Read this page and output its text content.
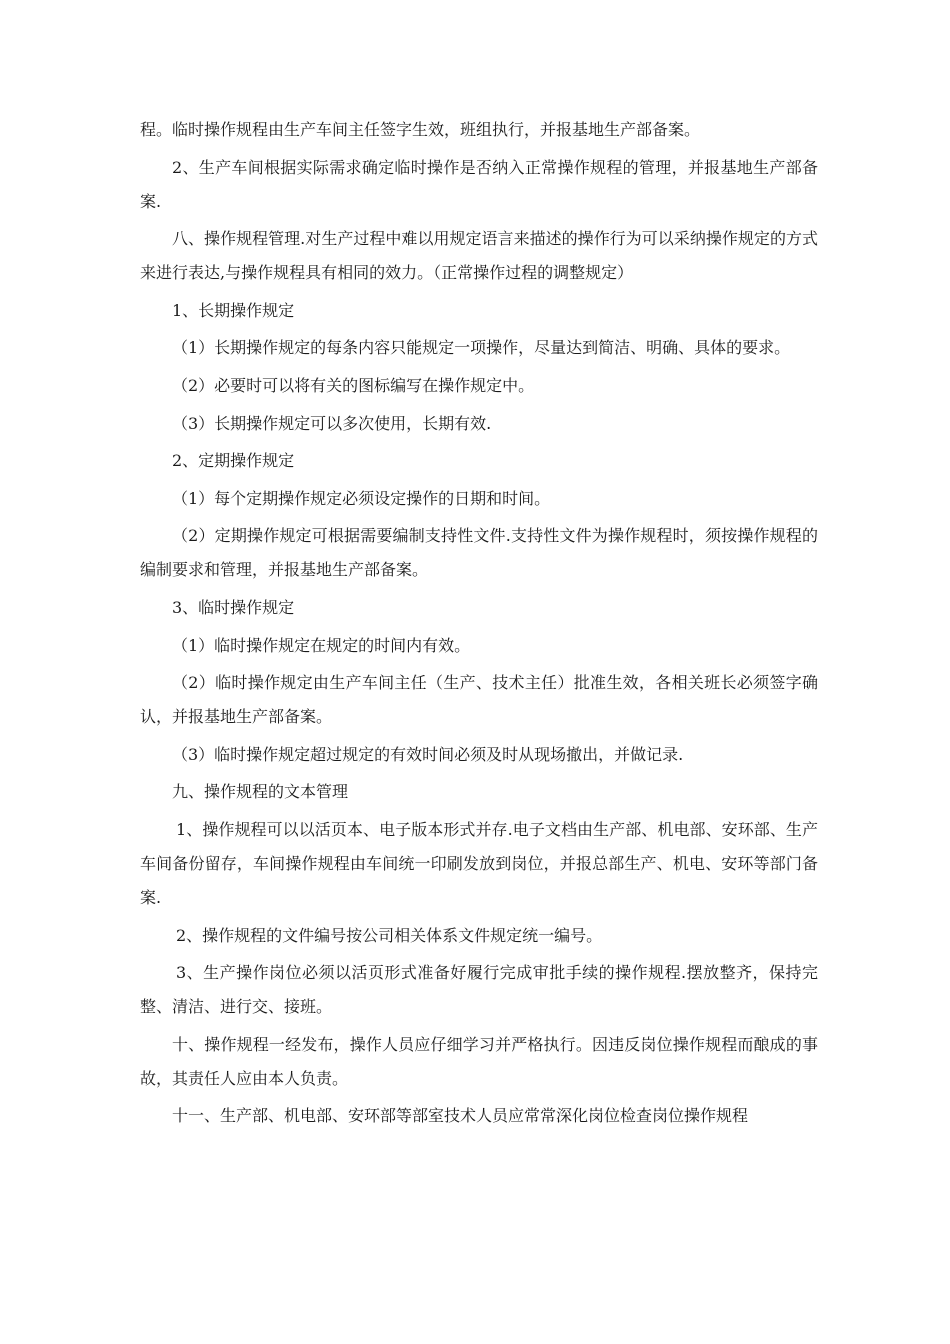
程。临时操作规程由生产车间主任签字生效，班组执行，并报基地生产部备案。

2、生产车间根据实际需求确定临时操作是否纳入正常操作规程的管理，并报基地生产部备案.

八、操作规程管理.对生产过程中难以用规定语言来描述的操作行为可以采纳操作规定的方式来进行表达,与操作规程具有相同的效力。（正常操作过程的调整规定）

1、长期操作规定

（1）长期操作规定的每条内容只能规定一项操作，尽量达到简洁、明确、具体的要求。

（2）必要时可以将有关的图标编写在操作规定中。

（3）长期操作规定可以多次使用，长期有效.

2、定期操作规定

（1）每个定期操作规定必须设定操作的日期和时间。

（2）定期操作规定可根据需要编制支持性文件.支持性文件为操作规程时，须按操作规程的编制要求和管理，并报基地生产部备案。

3、临时操作规定

（1）临时操作规定在规定的时间内有效。

（2）临时操作规定由生产车间主任（生产、技术主任）批准生效，各相关班长必须签字确认，并报基地生产部备案。

（3）临时操作规定超过规定的有效时间必须及时从现场撤出，并做记录.

九、操作规程的文本管理

1、操作规程可以以活页本、电子版本形式并存.电子文档由生产部、机电部、安环部、生产车间备份留存，车间操作规程由车间统一印刷发放到岗位，并报总部生产、机电、安环等部门备案.

2、操作规程的文件编号按公司相关体系文件规定统一编号。

3、生产操作岗位必须以活页形式准备好履行完成审批手续的操作规程.摆放整齐，保持完整、清洁、进行交、接班。

十、操作规程一经发布，操作人员应仔细学习并严格执行。因违反岗位操作规程而酿成的事故，其责任人应由本人负责。

十一、生产部、机电部、安环部等部室技术人员应常常深化岗位检查岗位操作规程
